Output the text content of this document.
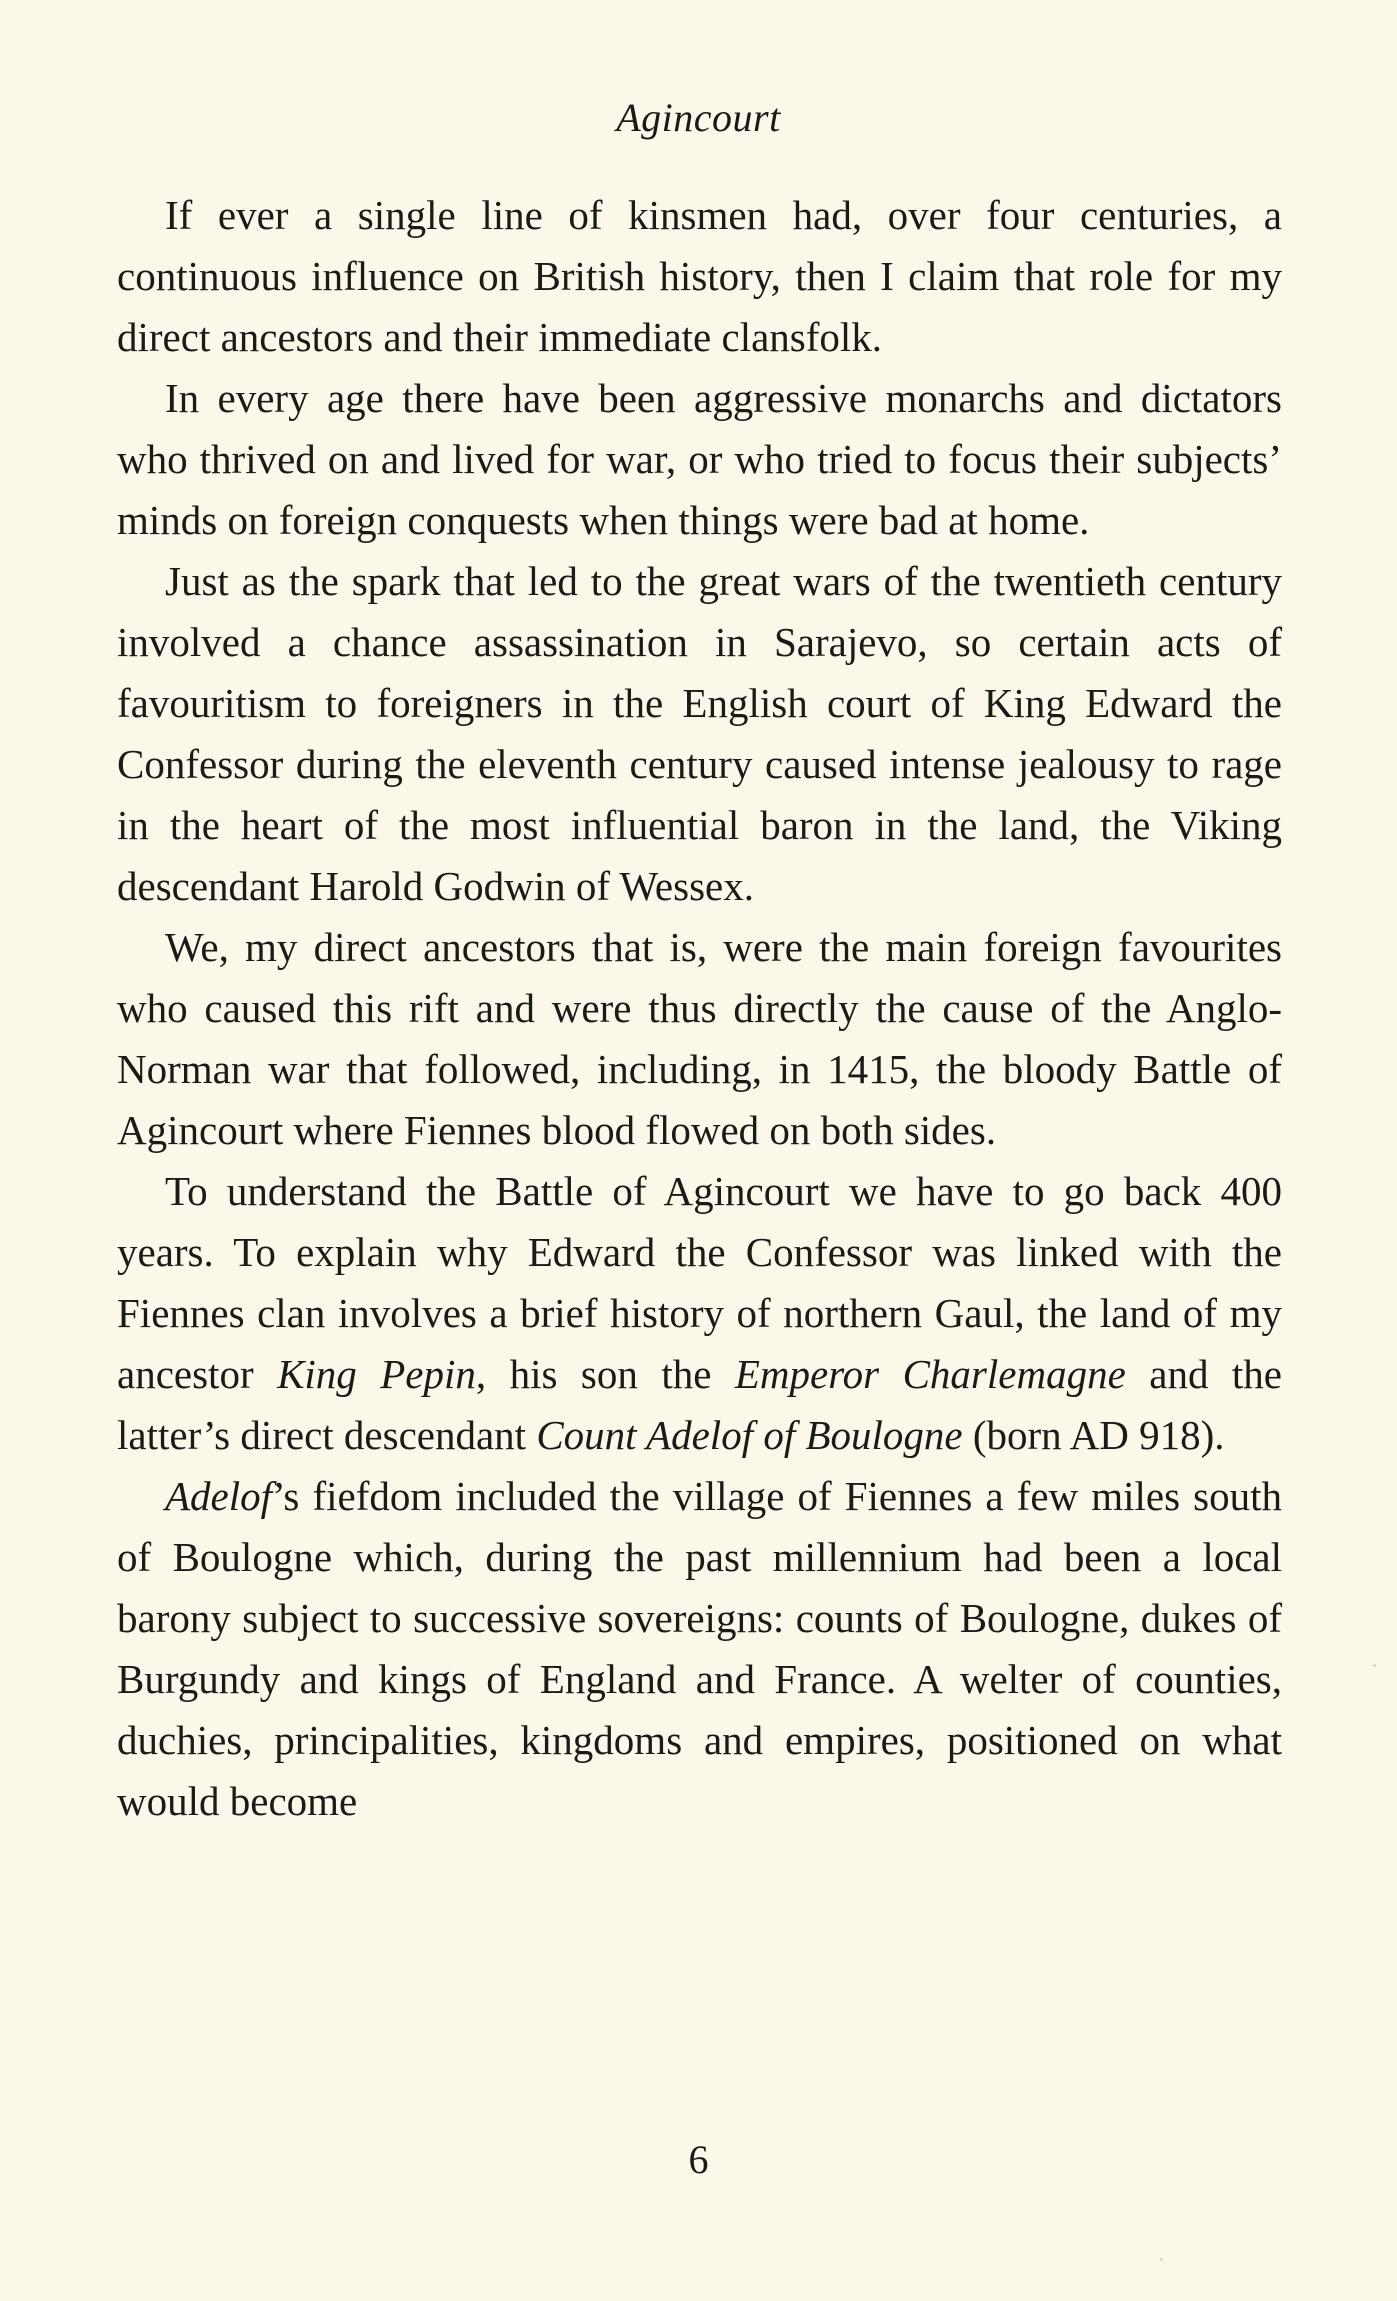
Agincourt

If ever a single line of kinsmen had, over four centuries, a continuous influence on British history, then I claim that role for my direct ancestors and their immediate clansfolk.

In every age there have been aggressive monarchs and dictators who thrived on and lived for war, or who tried to focus their subjects’ minds on foreign conquests when things were bad at home.

Just as the spark that led to the great wars of the twentieth century involved a chance assassination in Sarajevo, so certain acts of favouritism to foreigners in the English court of King Edward the Confessor during the eleventh century caused intense jealousy to rage in the heart of the most influential baron in the land, the Viking descendant Harold Godwin of Wessex.

We, my direct ancestors that is, were the main foreign favourites who caused this rift and were thus directly the cause of the Anglo-Norman war that followed, including, in 1415, the bloody Battle of Agincourt where Fiennes blood flowed on both sides.

To understand the Battle of Agincourt we have to go back 400 years. To explain why Edward the Confessor was linked with the Fiennes clan involves a brief history of northern Gaul, the land of my ancestor King Pepin, his son the Emperor Charlemagne and the latter’s direct descendant Count Adelof of Boulogne (born AD 918).

Adelof’s fiefdom included the village of Fiennes a few miles south of Boulogne which, during the past millennium had been a local barony subject to successive sovereigns: counts of Boulogne, dukes of Burgundy and kings of England and France. A welter of counties, duchies, principalities, kingdoms and empires, positioned on what would become

6
